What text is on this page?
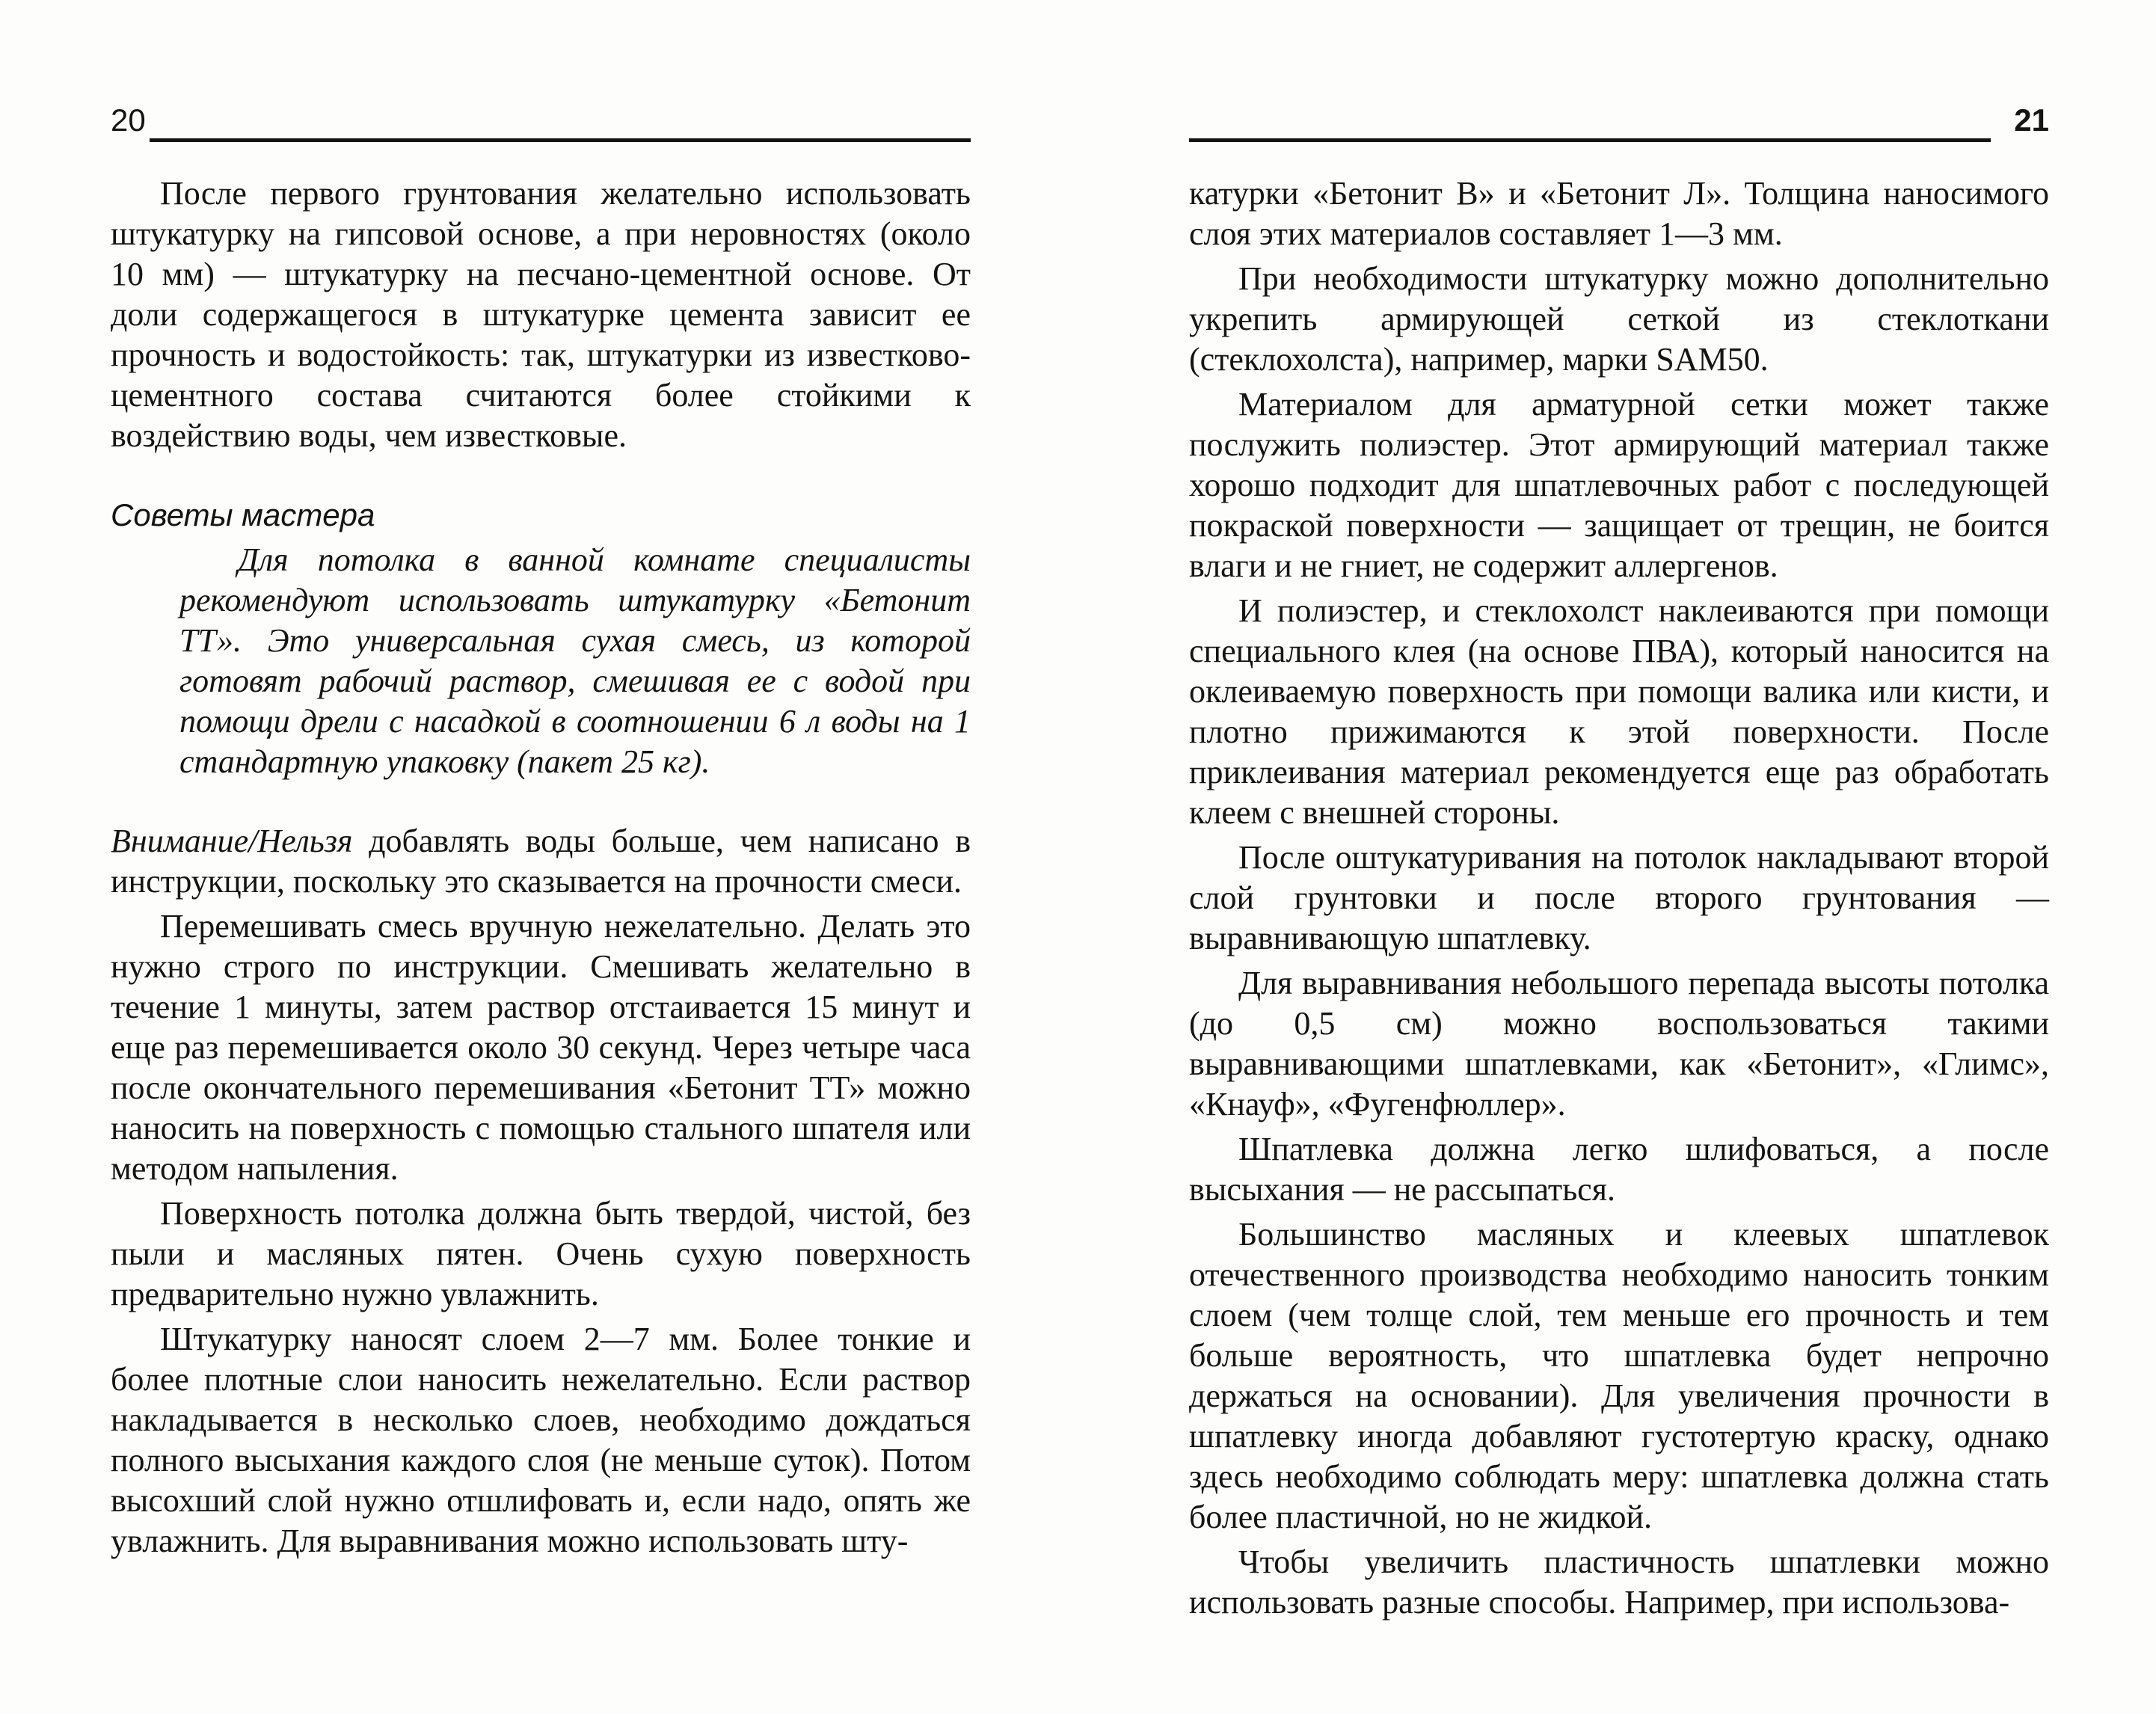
20

После первого грунтования желательно использовать штукатурку на гипсовой основе, а при неровностях (около 10 мм) — штукатурку на песчано-цементной основе. От доли содержащегося в штукатурке цемента зависит ее прочность и водостойкость: так, штукатурки из известково-цементного состава считаются более стойкими к воздействию воды, чем известковые.

Советы мастера

Для потолка в ванной комнате специалисты рекомендуют использовать штукатурку «Бетонит ТТ». Это универсальная сухая смесь, из которой готовят рабочий раствор, смешивая ее с водой при помощи дрели с насадкой в соотношении 6 л воды на 1 стандартную упаковку (пакет 25 кг).

Внимание/Нельзя добавлять воды больше, чем написано в инструкции, поскольку это сказывается на прочности смеси.

Перемешивать смесь вручную нежелательно. Делать это нужно строго по инструкции. Смешивать желательно в течение 1 минуты, затем раствор отстаивается 15 минут и еще раз перемешивается около 30 секунд. Через четыре часа после окончательного перемешивания «Бетонит ТТ» можно наносить на поверхность с помощью стального шпателя или методом напыления.

Поверхность потолка должна быть твердой, чистой, без пыли и масляных пятен. Очень сухую поверхность предварительно нужно увлажнить.

Штукатурку наносят слоем 2—7 мм. Более тонкие и более плотные слои наносить нежелательно. Если раствор накладывается в несколько слоев, необходимо дождаться полного высыхания каждого слоя (не меньше суток). Потом высохший слой нужно отшлифовать и, если надо, опять же увлажнить. Для выравнивания можно использовать шту-

21

катурки «Бетонит В» и «Бетонит Л». Толщина наносимого слоя этих материалов составляет 1—3 мм.

При необходимости штукатурку можно дополнительно укрепить армирующей сеткой из стеклоткани (стеклохолста), например, марки SAM50.

Материалом для арматурной сетки может также послужить полиэстер. Этот армирующий материал также хорошо подходит для шпатлевочных работ с последующей покраской поверхности — защищает от трещин, не боится влаги и не гниет, не содержит аллергенов.

И полиэстер, и стеклохолст наклеиваются при помощи специального клея (на основе ПВА), который наносится на оклеиваемую поверхность при помощи валика или кисти, и плотно прижимаются к этой поверхности. После приклеивания материал рекомендуется еще раз обработать клеем с внешней стороны.

После оштукатуривания на потолок накладывают второй слой грунтовки и после второго грунтования — выравнивающую шпатлевку.

Для выравнивания небольшого перепада высоты потолка (до 0,5 см) можно воспользоваться такими выравнивающими шпатлевками, как «Бетонит», «Глимс», «Кнауф», «Фугенфюллер».

Шпатлевка должна легко шлифоваться, а после высыхания — не рассыпаться.

Большинство масляных и клеевых шпатлевок отечественного производства необходимо наносить тонким слоем (чем толще слой, тем меньше его прочность и тем больше вероятность, что шпатлевка будет непрочно держаться на основании). Для увеличения прочности в шпатлевку иногда добавляют густотертую краску, однако здесь необходимо соблюдать меру: шпатлевка должна стать более пластичной, но не жидкой.

Чтобы увеличить пластичность шпатлевки можно использовать разные способы. Например, при использова-
